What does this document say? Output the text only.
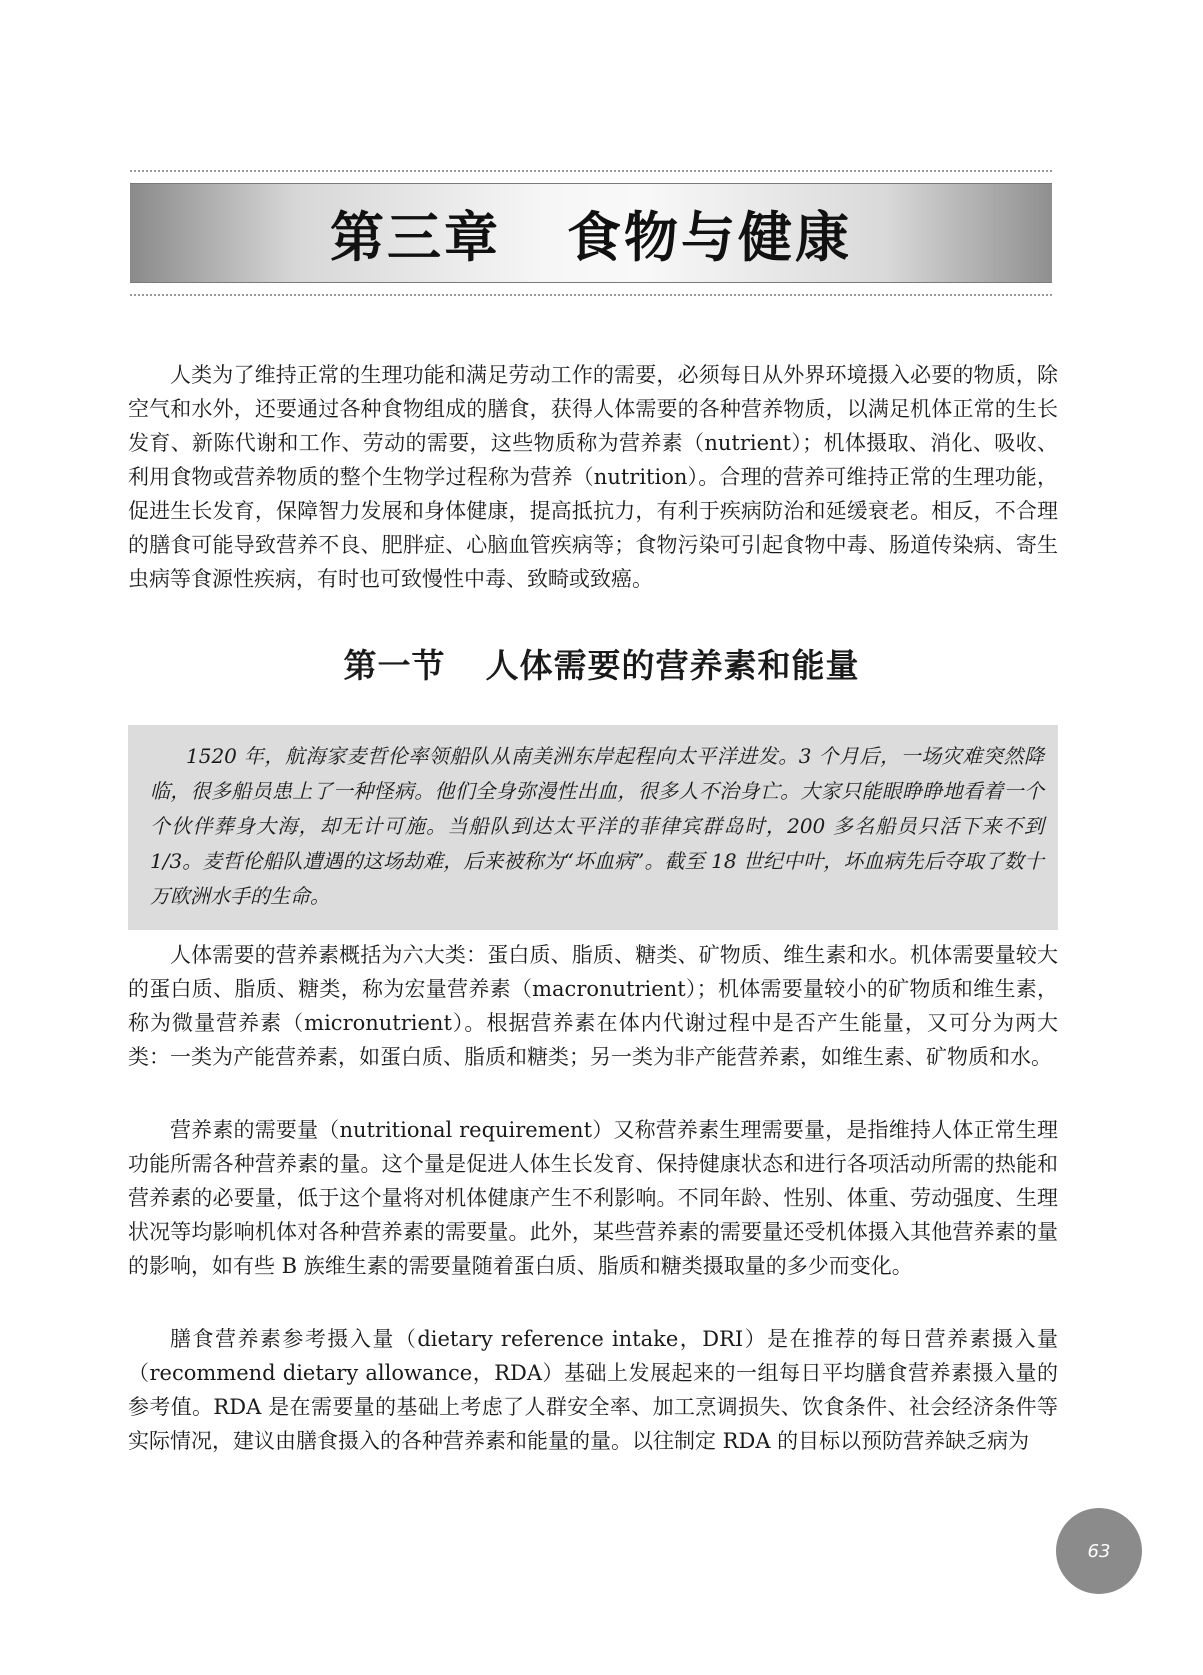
第三章 食物与健康

人类为了维持正常的生理功能和满足劳动工作的需要，必须每日从外界环境摄入必要的物质，除空气和水外，还要通过各种食物组成的膳食，获得人体需要的各种营养物质，以满足机体正常的生长发育、新陈代谢和工作、劳动的需要，这些物质称为营养素（nutrient）；机体摄取、消化、吸收、利用食物或营养物质的整个生物学过程称为营养（nutrition）。合理的营养可维持正常的生理功能，促进生长发育，保障智力发展和身体健康，提高抵抗力，有利于疾病防治和延缓衰老。相反，不合理的膳食可能导致营养不良、肥胖症、心脑血管疾病等；食物污染可引起食物中毒、肠道传染病、寄生虫病等食源性疾病，有时也可致慢性中毒、致畸或致癌。

第一节 人体需要的营养素和能量

1520 年，航海家麦哲伦率领船队从南美洲东岸起程向太平洋进发。3 个月后，一场灾难突然降临，很多船员患上了一种怪病。他们全身弥漫性出血，很多人不治身亡。大家只能眼睁睁地看着一个个伙伴葬身大海，却无计可施。当船队到达太平洋的菲律宾群岛时，200 多名船员只活下来不到 1/3。麦哲伦船队遭遇的这场劫难，后来被称为“坏血病”。截至 18 世纪中叶，坏血病先后夺取了数十万欧洲水手的生命。

人体需要的营养素概括为六大类：蛋白质、脂质、糖类、矿物质、维生素和水。机体需要量较大的蛋白质、脂质、糖类，称为宏量营养素（macronutrient）；机体需要量较小的矿物质和维生素，称为微量营养素（micronutrient）。根据营养素在体内代谢过程中是否产生能量，又可分为两大类：一类为产能营养素，如蛋白质、脂质和糖类；另一类为非产能营养素，如维生素、矿物质和水。

营养素的需要量（nutritional requirement）又称营养素生理需要量，是指维持人体正常生理功能所需各种营养素的量。这个量是促进人体生长发育、保持健康状态和进行各项活动所需的热能和营养素的必要量，低于这个量将对机体健康产生不利影响。不同年龄、性别、体重、劳动强度、生理状况等均影响机体对各种营养素的需要量。此外，某些营养素的需要量还受机体摄入其他营养素的量的影响，如有些 B 族维生素的需要量随着蛋白质、脂质和糖类摄取量的多少而变化。

膳食营养素参考摄入量（dietary reference intake，DRI）是在推荐的每日营养素摄入量（recommend dietary allowance，RDA）基础上发展起来的一组每日平均膳食营养素摄入量的参考值。RDA 是在需要量的基础上考虑了人群安全率、加工烹调损失、饮食条件、社会经济条件等实际情况，建议由膳食摄入的各种营养素和能量的量。以往制定 RDA 的目标以预防营养缺乏病为

63
